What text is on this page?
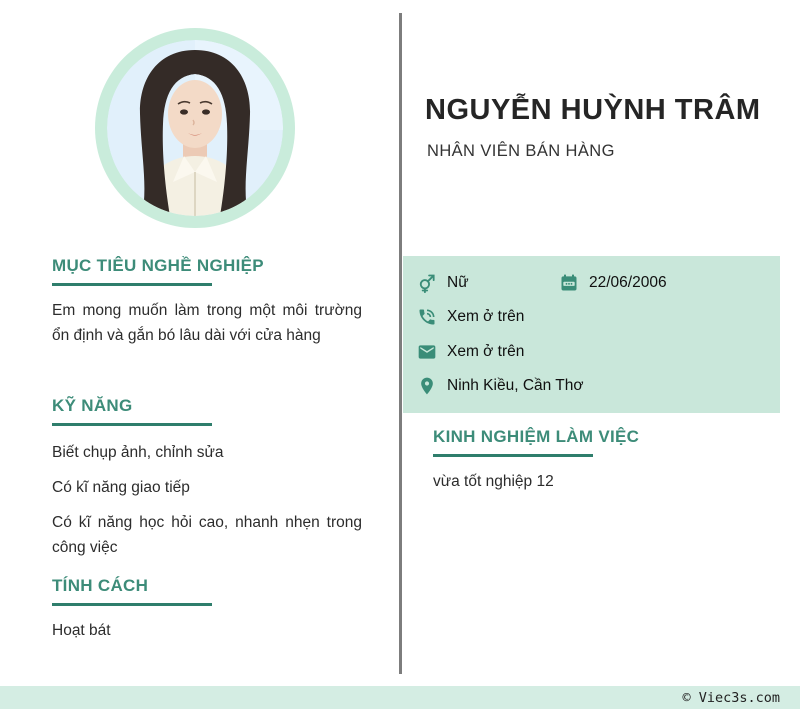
NGUYỄN HUỲNH TRÂM

NHÂN VIÊN BÁN HÀNG

Nữ	22/06/2006
Xem ở trên
Xem ở trên
Ninh Kiều, Cần Thơ
MỤC TIÊU NGHỀ NGHIỆP

Em mong muốn làm trong một môi trường ổn định và gắn bó lâu dài với cửa hàng

KỸ NĂNG

Biết chụp ảnh, chỉnh sửa

Có kĩ năng giao tiếp

Có kĩ năng học hỏi cao, nhanh nhẹn trong công việc

TÍNH CÁCH

Hoạt bát

KINH NGHIỆM LÀM VIỆC

vừa tốt nghiệp 12

© Viec3s.com
